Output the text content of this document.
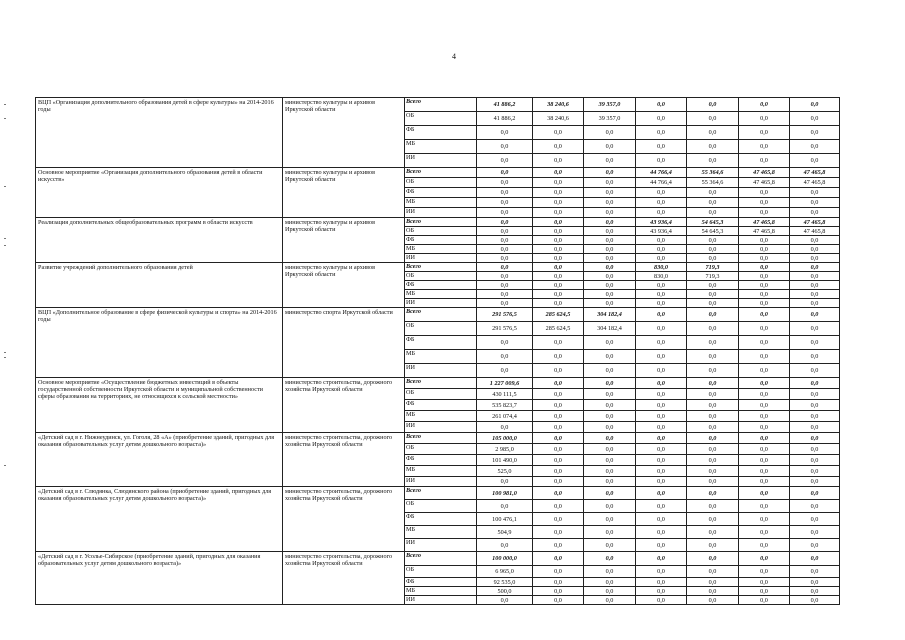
4
ВЦП «Организация дополнительного образования детей в сфере культуры» на 2014-2016 годы	министерство культуры и архивов Иркутской области	Всего	41 886,2	38 240,6	39 357,0	0,0	0,0	0,0	0,0
		ОБ	41 886,2	38 240,6	39 357,0	0,0	0,0	0,0	0,0
		ФБ	0,0	0,0	0,0	0,0	0,0	0,0	0,0
		МБ	0,0	0,0	0,0	0,0	0,0	0,0	0,0
		ИИ	0,0	0,0	0,0	0,0	0,0	0,0	0,0
Основное мероприятие «Организация дополнительного образования детей в области искусств»	министерство культуры и архивов Иркутской области	Всего	0,0	0,0	0,0	44 766,4	55 364,6	47 465,8	47 465,8
		ОБ	0,0	0,0	0,0	44 766,4	55 364,6	47 465,8	47 465,8
		ФБ	0,0	0,0	0,0	0,0	0,0	0,0	0,0
		МБ	0,0	0,0	0,0	0,0	0,0	0,0	0,0
		ИИ	0,0	0,0	0,0	0,0	0,0	0,0	0,0
Реализация дополнительных общеобразовательных программ в области искусств	министерство культуры и архивов Иркутской области	Всего	0,0	0,0	0,0	43 936,4	54 645,3	47 465,8	47 465,8
		ОБ	0,0	0,0	0,0	43 936,4	54 645,3	47 465,8	47 465,8
		ФБ	0,0	0,0	0,0	0,0	0,0	0,0	0,0
		МБ	0,0	0,0	0,0	0,0	0,0	0,0	0,0
		ИИ	0,0	0,0	0,0	0,0	0,0	0,0	0,0
Развитие учреждений дополнительного образования детей	министерство культуры и архивов Иркутской области	Всего	0,0	0,0	0,0	830,0	719,3	0,0	0,0
		ОБ	0,0	0,0	0,0	830,0	719,3	0,0	0,0
		ФБ	0,0	0,0	0,0	0,0	0,0	0,0	0,0
		МБ	0,0	0,0	0,0	0,0	0,0	0,0	0,0
		ИИ	0,0	0,0	0,0	0,0	0,0	0,0	0,0
ВЦП «Дополнительное образование в сфере физической культуры и спорта» на 2014-2016 годы	министерство спорта Иркутской области	Всего	291 576,5	285 624,5	304 182,4	0,0	0,0	0,0	0,0
		ОБ	291 576,5	285 624,5	304 182,4	0,0	0,0	0,0	0,0
		ФБ	0,0	0,0	0,0	0,0	0,0	0,0	0,0
		МБ	0,0	0,0	0,0	0,0	0,0	0,0	0,0
		ИИ	0,0	0,0	0,0	0,0	0,0	0,0	0,0
Основное мероприятие «Осуществление бюджетных инвестиций в объекты государственной собственности Иркутской области и муниципальной собственности сферы образования на территориях, не относящихся к сельской местности»	министерство строительства, дорожного хозяйства Иркутской области	Всего	1 227 009,6	0,0	0,0	0,0	0,0	0,0	0,0
		ОБ	430 111,5	0,0	0,0	0,0	0,0	0,0	0,0
		ФБ	535 823,7	0,0	0,0	0,0	0,0	0,0	0,0
		МБ	261 074,4	0,0	0,0	0,0	0,0	0,0	0,0
		ИИ	0,0	0,0	0,0	0,0	0,0	0,0	0,0
«Детский сад в г. Нижнеудинск, ул. Гоголя, 28 «А» (приобретение зданий, пригодных для оказания образовательных услуг детям дошкольного возраста)»	министерство строительства, дорожного хозяйства Иркутской области	Всего	105 000,0	0,0	0,0	0,0	0,0	0,0	0,0
		ОБ	2 985,0	0,0	0,0	0,0	0,0	0,0	0,0
		ФБ	101 490,0	0,0	0,0	0,0	0,0	0,0	0,0
		МБ	525,0	0,0	0,0	0,0	0,0	0,0	0,0
		ИИ	0,0	0,0	0,0	0,0	0,0	0,0	0,0
«Детский сад в г. Слюдянка, Слюдянского района (приобретение зданий, пригодных для оказания образовательных услуг детям дошкольного возраста)»	министерство строительства, дорожного хозяйства Иркутской области	Всего	100 981,0	0,0	0,0	0,0	0,0	0,0	0,0
		ОБ	0,0	0,0	0,0	0,0	0,0	0,0	0,0
		ФБ	100 476,1	0,0	0,0	0,0	0,0	0,0	0,0
		МБ	504,9	0,0	0,0	0,0	0,0	0,0	0,0
		ИИ	0,0	0,0	0,0	0,0	0,0	0,0	0,0
«Детский сад в г. Усолье-Сибирское (приобретение зданий, пригодных для оказания образовательных услуг детям дошкольного возраста)»	министерство строительства, дорожного хозяйства Иркутской области	Всего	100 000,0	0,0	0,0	0,0	0,0	0,0	0,0
		ОБ	6 965,0	0,0	0,0	0,0	0,0	0,0	0,0
		ФБ	92 535,0	0,0	0,0	0,0	0,0	0,0	0,0
		МБ	500,0	0,0	0,0	0,0	0,0	0,0	0,0
		ИИ	0,0	0,0	0,0	0,0	0,0	0,0	0,0
